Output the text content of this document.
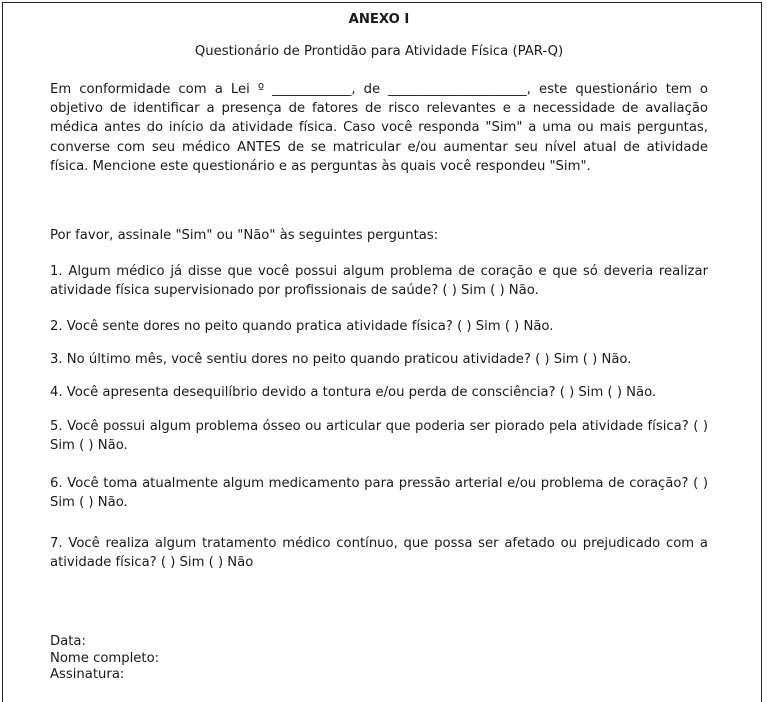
ANEXO I
Questionário de Prontidão para Atividade Física (PAR-Q)
Em conformidade com a Lei º ____________, de _____________________, este questionário tem o objetivo de identificar a presença de fatores de risco relevantes e a necessidade de avaliação médica antes do início da atividade física. Caso você responda "Sim" a uma ou mais perguntas, converse com seu médico ANTES de se matricular e/ou aumentar seu nível atual de atividade física. Mencione este questionário e as perguntas às quais você respondeu "Sim".
Por favor, assinale "Sim" ou "Não" às seguintes perguntas:
1. Algum médico já disse que você possui algum problema de coração e que só deveria realizar atividade física supervisionado por profissionais de saúde? ( ) Sim ( ) Não.
2. Você sente dores no peito quando pratica atividade física? ( ) Sim ( ) Não.
3. No último mês, você sentiu dores no peito quando praticou atividade? ( ) Sim ( ) Não.
4. Você apresenta desequilíbrio devido a tontura e/ou perda de consciência? ( ) Sim ( ) Não.
5. Você possui algum problema ósseo ou articular que poderia ser piorado pela atividade física? ( ) Sim ( ) Não.
6. Você toma atualmente algum medicamento para pressão arterial e/ou problema de coração? ( ) Sim ( ) Não.
7. Você realiza algum tratamento médico contínuo, que possa ser afetado ou prejudicado com a atividade física? ( ) Sim ( ) Não
Data:
Nome completo:
Assinatura:
